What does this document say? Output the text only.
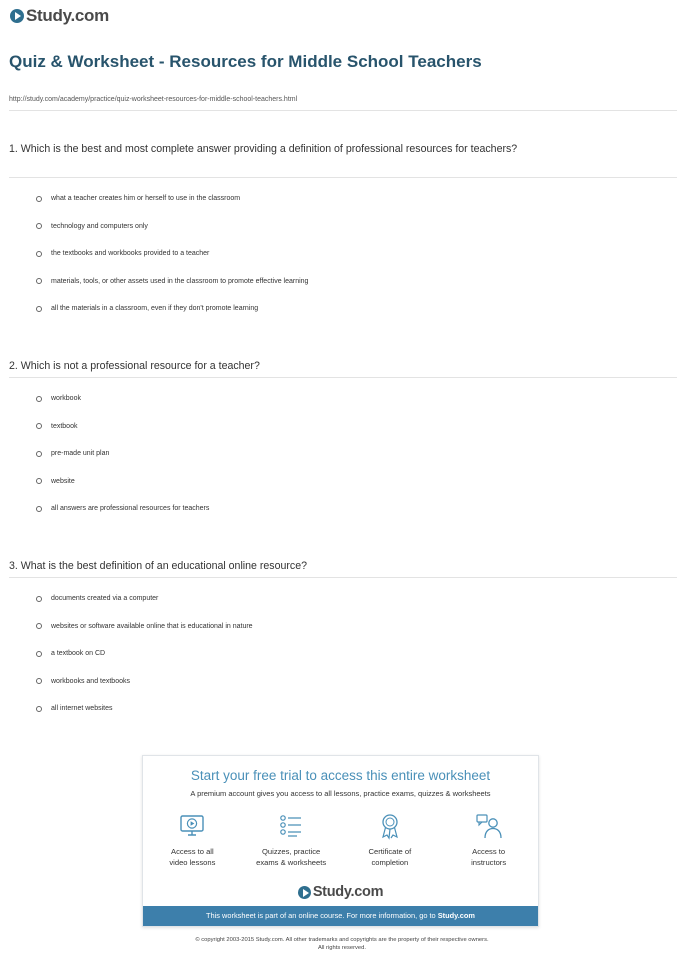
Study.com
Quiz & Worksheet - Resources for Middle School Teachers
http://study.com/academy/practice/quiz-worksheet-resources-for-middle-school-teachers.html
1. Which is the best and most complete answer providing a definition of professional resources for teachers?
what a teacher creates him or herself to use in the classroom
technology and computers only
the textbooks and workbooks provided to a teacher
materials, tools, or other assets used in the classroom to promote effective learning
all the materials in a classroom, even if they don't promote learning
2. Which is not a professional resource for a teacher?
workbook
textbook
pre-made unit plan
website
all answers are professional resources for teachers
3. What is the best definition of an educational online resource?
documents created via a computer
websites or software available online that is educational in nature
a textbook on CD
workbooks and textbooks
all internet websites
Start your free trial to access this entire worksheet
A premium account gives you access to all lessons, practice exams, quizzes & worksheets
Access to all
video lessons
Quizzes, practice
exams & worksheets
Certificate of
completion
Access to
instructors
Study.com
This worksheet is part of an online course. For more information, go to Study.com
© copyright 2003-2015 Study.com. All other trademarks and copyrights are the property of their respective owners.
All rights reserved.
